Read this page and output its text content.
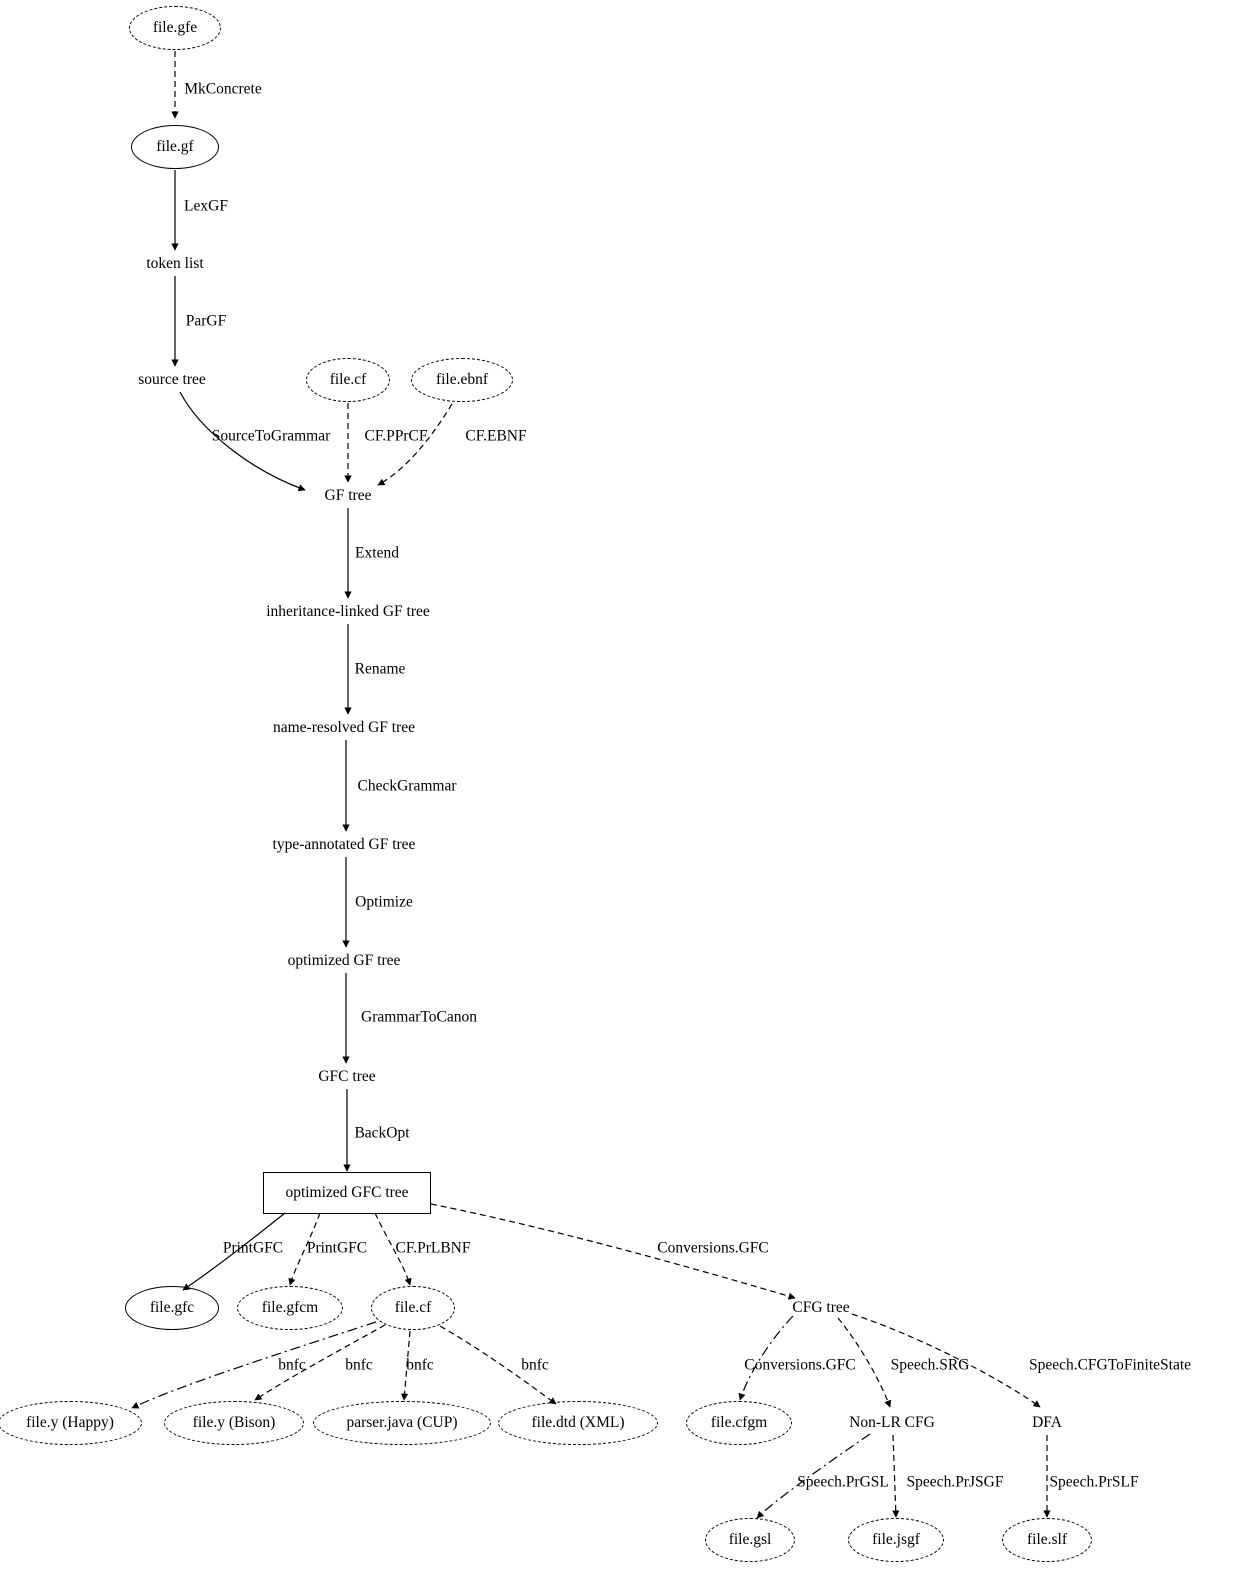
file.gfe
file.gf
token list
source tree	file.cf	file.ebnf
GF tree
inheritance-linked GF tree
name-resolved GF tree
type-annotated GF tree
optimized GF tree
GFC tree
optimized GFC tree
file.gfc	file.gfcm	file.cf	CFG tree
file.y (Happy)	file.y (Bison)	parser.java (CUP)	file.dtd (XML)	file.cfgm	Non-LR CFG	DFA
file.gsl	file.jsgf	file.slf
MkConcrete
LexGF
ParGF
SourceToGrammar CF.PPrCF CF.EBNF
Extend
Rename
CheckGrammar
Optimize
GrammarToCanon
BackOpt
PrintGFC PrintGFC CF.PrLBNF	Conversions.GFC
bnfc	bnfc bnfc	bnfc	Conversions.GFC Speech.SRG	Speech.CFGToFiniteState
Speech.PrGSL Speech.PrJSGF	Speech.PrSLF
